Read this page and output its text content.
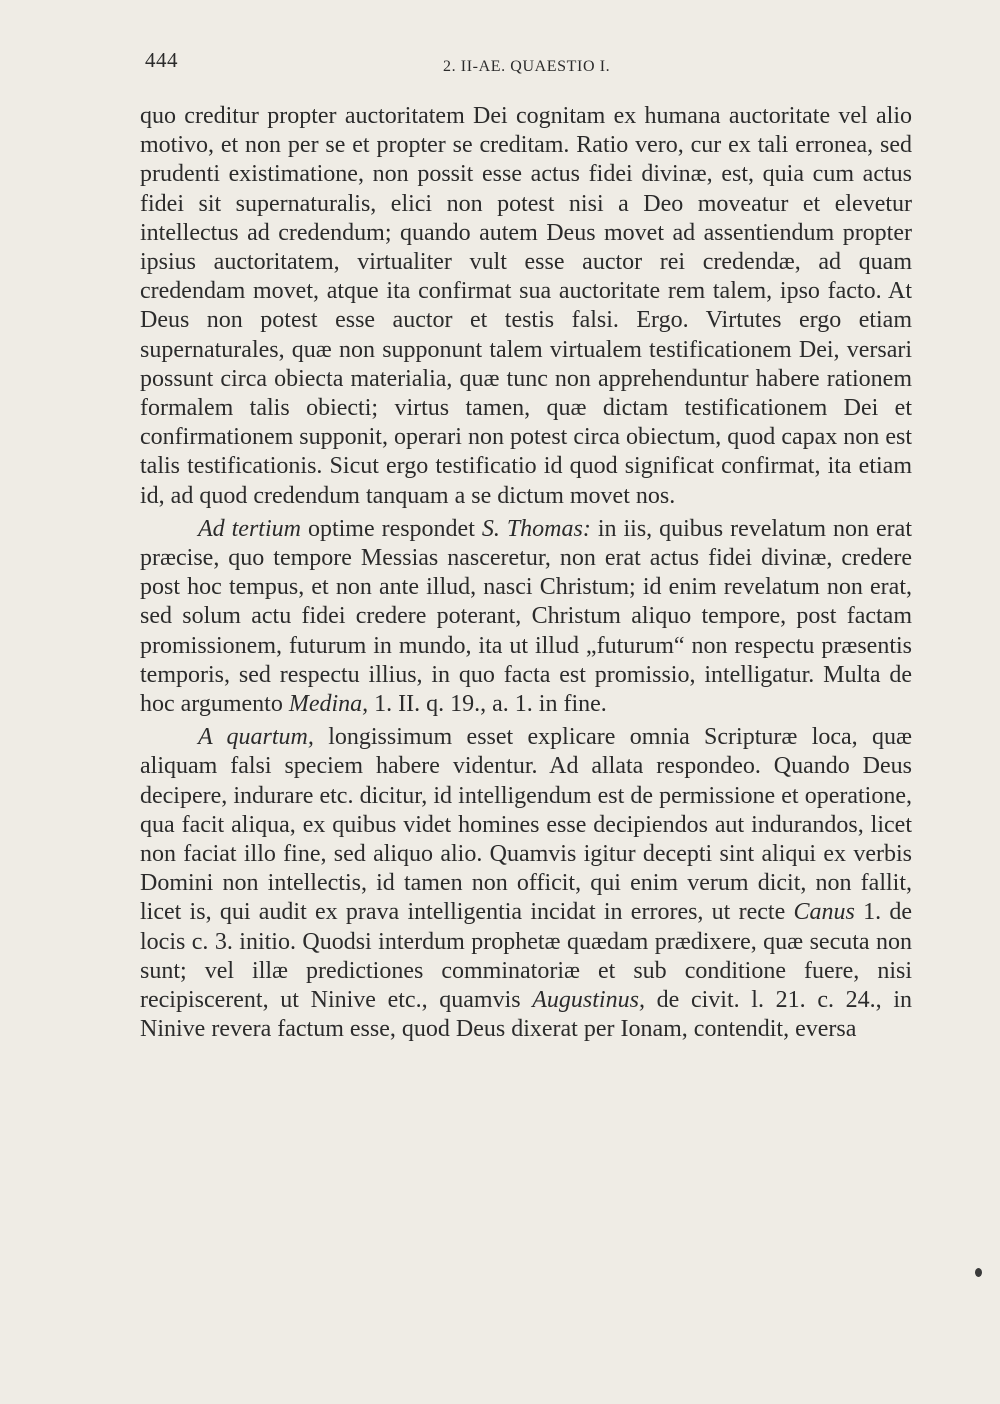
444	2. II-AE. QUAESTIO I.

quo creditur propter auctoritatem Dei cognitam ex humana auctoritate vel alio motivo, et non per se et propter se creditam. Ratio vero, cur ex tali erronea, sed prudenti existimatione, non possit esse actus fidei divinæ, est, quia cum actus fidei sit supernaturalis, elici non potest nisi a Deo moveatur et elevetur intellectus ad credendum; quando autem Deus movet ad assentiendum propter ipsius auctoritatem, virtualiter vult esse auctor rei credendæ, ad quam credendam movet, atque ita confirmat sua auctoritate rem talem, ipso facto. At Deus non potest esse auctor et testis falsi. Ergo. Virtutes ergo etiam supernaturales, quæ non supponunt talem virtualem testificationem Dei, versari possunt circa obiecta materialia, quæ tunc non apprehenduntur habere rationem formalem talis obiecti; virtus tamen, quæ dictam testificationem Dei et confirmationem supponit, operari non potest circa obiectum, quod capax non est talis testificationis. Sicut ergo testificatio id quod significat confirmat, ita etiam id, ad quod credendum tanquam a se dictum movet nos.

Ad tertium optime respondet S. Thomas: in iis, quibus revelatum non erat præcise, quo tempore Messias nasceretur, non erat actus fidei divinæ, credere post hoc tempus, et non ante illud, nasci Christum; id enim revelatum non erat, sed solum actu fidei credere poterant, Christum aliquo tempore, post factam promissionem, futurum in mundo, ita ut illud „futurum“ non respectu præsentis temporis, sed respectu illius, in quo facta est promissio, intelligatur. Multa de hoc argumento Medina, 1. II. q. 19., a. 1. in fine.

A quartum, longissimum esset explicare omnia Scripturæ loca, quæ aliquam falsi speciem habere videntur. Ad allata respondeo. Quando Deus decipere, indurare etc. dicitur, id intelligendum est de permissione et operatione, qua facit aliqua, ex quibus videt homines esse decipiendos aut indurandos, licet non faciat illo fine, sed aliquo alio. Quamvis igitur decepti sint aliqui ex verbis Domini non intellectis, id tamen non officit, qui enim verum dicit, non fallit, licet is, qui audit ex prava intelligentia incidat in errores, ut recte Canus 1. de locis c. 3. initio. Quodsi interdum prophetæ quædam prædixere, quæ secuta non sunt; vel illæ predictiones comminatoriæ et sub conditione fuere, nisi recipiscerent, ut Ninive etc., quamvis Augustinus, de civit. l. 21. c. 24., in Ninive revera factum esse, quod Deus dixerat per Ionam, contendit, eversa
